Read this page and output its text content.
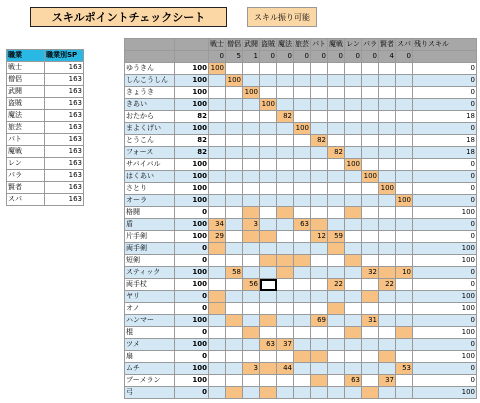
スキルポイントチェックシート	スキル振り可能
職業	職業別SP
戦士	163
僧侶	163
武闘	163
盗賊	163
魔法	163
旅芸	163
パト	163
魔戦	163
レン	163
パラ	163
賢者	163
スパ	163
		戦士	僧侶	武闘	盗賊	魔法	旅芸	パト	魔戦	レン	パラ	賢者	スパ	残りスキル
		0	5	1	0	0	0	0	0	0	0	4	0	
ゆうきん	100	100												0
しんこうしん	100		100											0
きょうき	100			100										0
きあい	100				100									0
おたから	82					82								18
まよくげい	100						100							0
とうこん	82							82						18
フォース	82								82					18
サバイバル	100									100				0
はくあい	100										100			0
さとり	100											100		0
オーラ	100												100	0
格闘	0													100
盾	100	34		3			63							0
片手剣	100	29						12	59					0
両手剣	0													100
短剣	0													100
スティック	100		58								32		10	0
両手杖	100			56					22			22		0
ヤリ	0													100
オノ	0													100
ハンマー	100							69			31			0
棍	0													100
ツメ	100				63	37								0
扇	0													100
ムチ	100			3		44							53	0
ブーメラン	100									63		37		0
弓	0													100
